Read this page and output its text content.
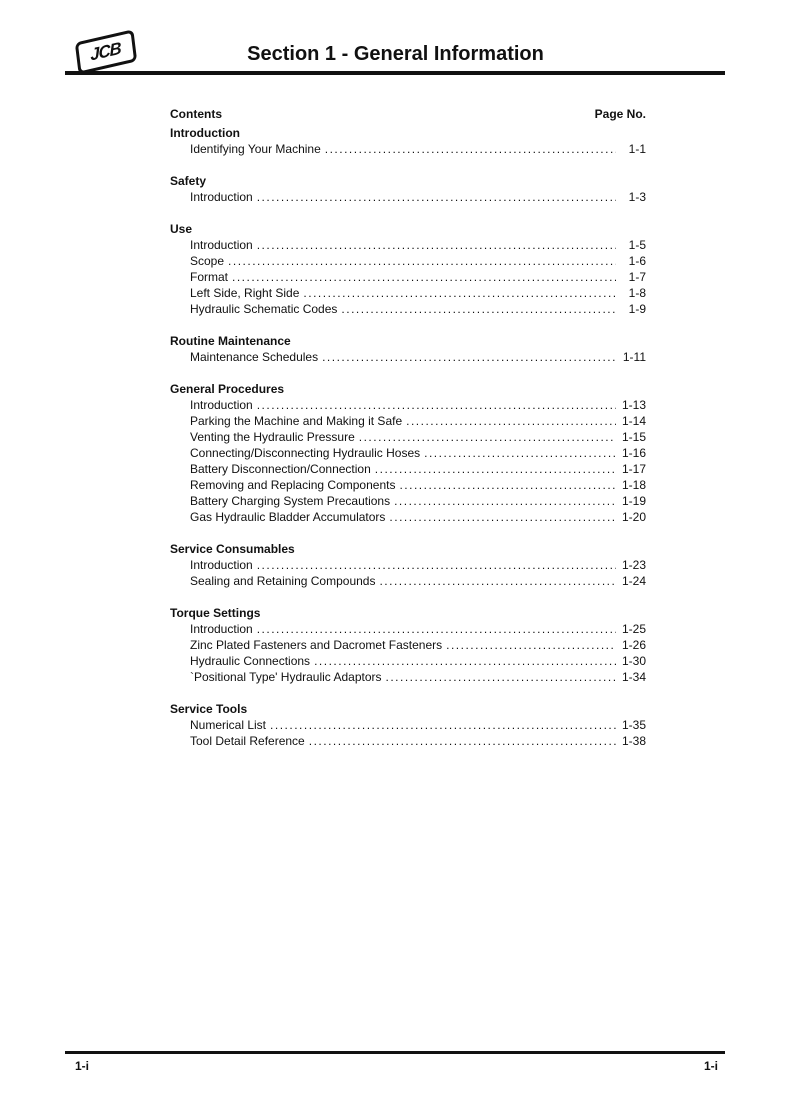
JCB	Section 1 - General Information
Contents	Page No.
Introduction
Identifying Your Machine .....	1-1
Safety
Introduction .....	1-3
Use
Introduction .....	1-5
Scope .....	1-6
Format .....	1-7
Left Side, Right Side .....	1-8
Hydraulic Schematic Codes .....	1-9
Routine Maintenance
Maintenance Schedules .....	1-11
General Procedures
Introduction .....	1-13
Parking the Machine and Making it Safe .....	1-14
Venting the Hydraulic Pressure .....	1-15
Connecting/Disconnecting Hydraulic Hoses .....	1-16
Battery Disconnection/Connection .....	1-17
Removing and Replacing Components .....	1-18
Battery Charging System Precautions .....	1-19
Gas Hydraulic Bladder Accumulators .....	1-20
Service Consumables
Introduction .....	1-23
Sealing and Retaining Compounds .....	1-24
Torque Settings
Introduction .....	1-25
Zinc Plated Fasteners and Dacromet Fasteners .....	1-26
Hydraulic Connections .....	1-30
`Positional Type' Hydraulic Adaptors .....	1-34
Service Tools
Numerical List .....	1-35
Tool Detail Reference .....	1-38
1-i	1-i
